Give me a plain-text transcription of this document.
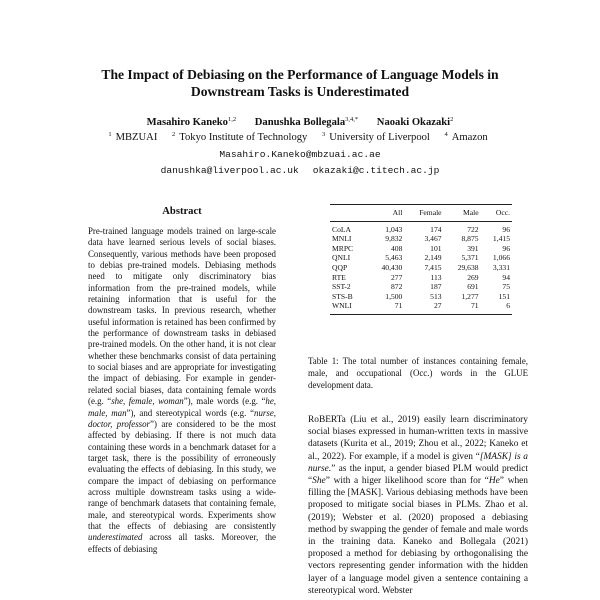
The Impact of Debiasing on the Performance of Language Models in
Downstream Tasks is Underestimated
Masahiro Kaneko$^{1,2}$ Danushka Bollegala$^{3,4,*}$ Naoaki Okazaki$^2$
$^1$ MBZUAI $^2$ Tokyo Institute of Technology $^3$ University of Liverpool $^4$ Amazon
Masahiro.Kaneko@mbzuai.ac.ae
danushka@liverpool.ac.uk okazaki@c.titech.ac.jp
Abstract
Pre-trained language models trained on large-scale data have learned serious levels of social biases. Consequently, various methods have been proposed to debias pre-trained models. Debiasing methods need to mitigate only discriminatory bias information from the pre-trained models, while retaining information that is useful for the downstream tasks. In previous research, whether useful information is retained has been confirmed by the performance of downstream tasks in debiased pre-trained models. On the other hand, it is not clear whether these benchmarks consist of data pertaining to social biases and are appropriate for investigating the impact of debiasing. For example in gender-related social biases, data containing female words (e.g. “she, female, woman”), male words (e.g. “he, male, man”), and stereotypical words (e.g. “nurse, doctor, professor”) are considered to be the most affected by debiasing. If there is not much data containing these words in a benchmark dataset for a target task, there is the possibility of erroneously evaluating the effects of debiasing. In this study, we compare the impact of debiasing on performance across multiple downstream tasks using a wide-range of benchmark datasets that containing female, male, and stereotypical words. Experiments show that the effects of debiasing are consistently underestimated across all tasks. Moreover, the effects of debiasing
	All	Female	Male	Occ.
CoLA	1,043	174	722	96
MNLI	9,832	3,467	8,875	1,415
MRPC	408	101	391	96
QNLI	5,463	2,149	5,371	1,066
QQP	40,430	7,415	29,638	3,331
RTE	277	113	269	94
SST-2	872	187	691	75
STS-B	1,500	513	1,277	151
WNLI	71	27	71	6
Table 1: The total number of instances containing female, male, and occupational (Occ.) words in the GLUE development data.
RoBERTa (Liu et al., 2019) easily learn discriminatory social biases expressed in human-written texts in massive datasets (Kurita et al., 2019; Zhou et al., 2022; Kaneko et al., 2022). For example, if a model is given “[MASK] is a nurse.” as the input, a gender biased PLM would predict “She” with a higer likelihood score than for “He” when filling the [MASK]. Various debiasing methods have been proposed to mitigate social biases in PLMs. Zhao et al. (2019); Webster et al. (2020) proposed a debiasing method by swapping the gender of female and male words in the training data. Kaneko and Bollegala (2021) proposed a method for debiasing by orthogonalising the vectors representing gender information with the hidden layer of a language model given a sentence containing a stereotypical word. Webster
